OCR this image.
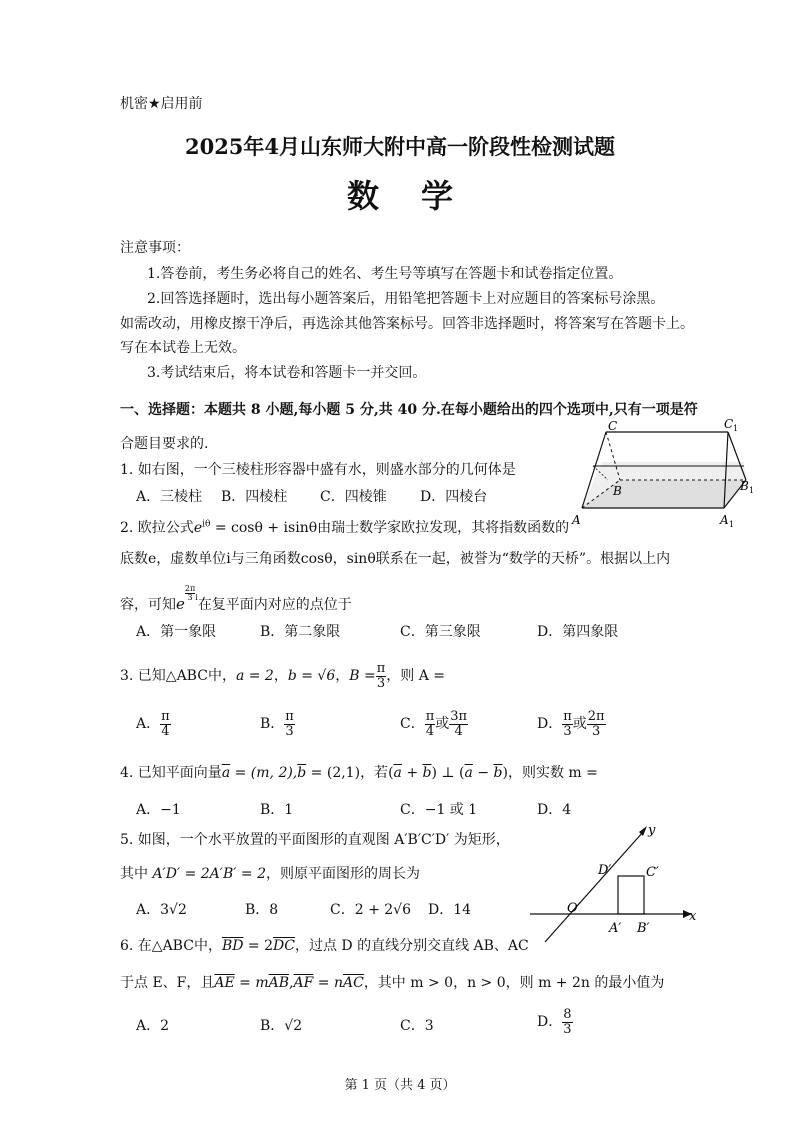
机密★启用前
2025年4月山东师大附中高一阶段性检测试题
数学
注意事项：
1.答卷前，考生务必将自己的姓名、考生号等填写在答题卡和试卷指定位置。
2.回答选择题时，选出每小题答案后，用铅笔把答题卡上对应题目的答案标号涂黑。
如需改动，用橡皮擦干净后，再选涂其他答案标号。回答非选择题时，将答案写在答题卡上。
写在本试卷上无效。
3.考试结束后，将本试卷和答题卡一并交回。
一、选择题：本题共 8 小题,每小题 5 分,共 40 分.在每小题给出的四个选项中,只有一项是符
合题目要求的.
1. 如右图，一个三棱柱形容器中盛有水，则盛水部分的几何体是
A．三棱柱 B．四棱柱 C．四棱锥 D．四棱台
C	C 1
B	B 1
A	A 1
2. 欧拉公式$e^{i\theta} = \cos\theta + isin\theta$由瑞士数学家欧拉发现，其将指数函数的
底数e，虚数单位i与三角函数cosθ，sinθ联系在一起，被誉为“数学的天桥”。根据以上内
容，可知e
$\frac{2\pi}{3} ^i$在复平面内对应的点位于
A．第一象限	B．第二象限	C．第三象限	D．第四象限
3. 已知△ABC中，a = 2，b = √6，$B = \frac{\pi}{3}$ ，则 A =
A． $\frac{\pi}{4}$	B． $\frac{\pi}{3}$	C． $\frac{\pi}{4}$ 或 $\frac{3\pi}{4}$	D． $\frac{\pi}{3}$ 或 $\frac{2\pi}{3}$
4. 已知平面向量$\overline{a} = (m$, $2),\overline{b} = (2,1)$，若$(\overline{a} + \overline{b})$ ⊥ $(\overline{a} - \overline{b})$，则实数 m =
A．−1	B．1	C．−1 或 1	D．4
5. 如图，一个水平放置的平面图形的直观图 A′B′C′D′ 为矩形，
其中 A′D′ = 2A′B′ = 2，则原平面图形的周长为
A．3√2	B．8	C．2 + 2√6 D．14
y
x
O′
A′ B′
C′
D′
6. 在△ABC中，$\overline{BD} = 2\overline{DC}$，过点 D 的直线分别交直线 AB、AC
于点 E、F，且$\overline{AE} = m\overline{AB},\overline{AF} = n\overline{AC}$，其中 m > 0，n > 0，则 m + 2n 的最小值为
A．2	B．√2	C．3	D． $\frac{8}{3}$
第 1 页（共 4 页）
